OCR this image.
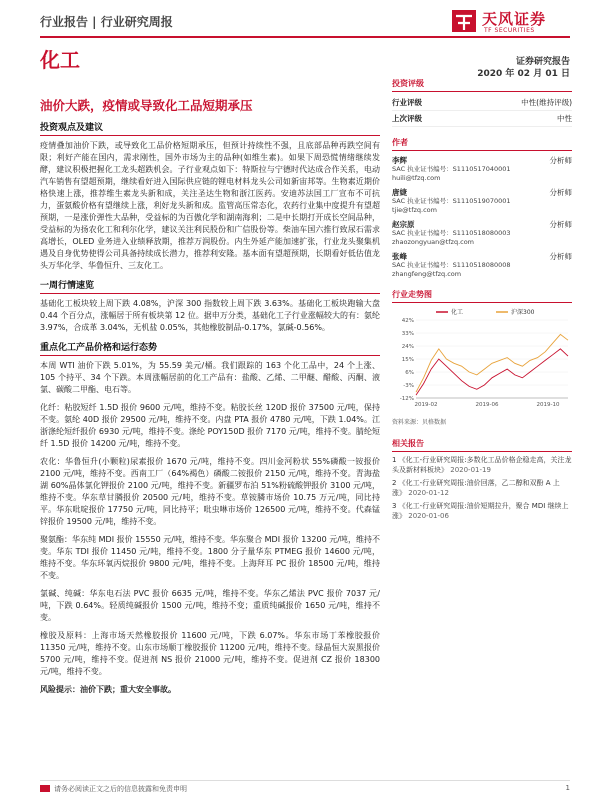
行业报告 | 行业研究周报	天风证券
TF SECURITIES
化工	证券研究报告
2020 年 02 月 01 日
油价大跌，疫情或导致化工品短期承压
投资观点及建议
疫情叠加油价下跌，或导致化工品价格短期承压，但预计持续性不强，且底部品种再跌空间有限；利好产能在国内，需求刚性，国外市场为主的品种(如维生素)。如果下周恐慌情绪继续发酵，建议积极把握化工龙头超跌机会。子行业观点如下：特斯拉与宁德时代达成合作关系，电动汽车销售有望超预期，继续看好进入国际供应链的锂电材料龙头公司如新宙邦等。生物素近期价格快速上涨，推荐维生素龙头新和成，关注圣达生物和浙江医药。安迪苏法国工厂宣布不可抗力，蛋氨酸价格有望继续上涨，利好龙头新和成。监管高压常态化，农药行业集中度提升有望超预期，一是涨价弹性大品种，受益标的为百傲化学和湖南海利；二是中长期打开成长空间品种，受益标的为扬农化工和利尔化学，建议关注利民股份和广信股份等。柴油车国六推行致尿石需求高增长，OLED 业务进入业绩释放期，推荐万润股份。内生外延产能加速扩张，行业龙头聚集机遇及自身优势使得公司具备持续成长潜力，推荐利安隆。基本面有望超预期，长期看好低估值龙头万华化学、华鲁恒升、三友化工。
一周行情速览
基础化工板块较上周下跌 4.08%，沪深 300 指数较上周下跌 3.63%。基础化工板块跑输大盘 0.44 个百分点，涨幅居于所有板块第 12 位。据申万分类，基础化工子行业涨幅较大的有：氨纶 3.97%，合成革 3.04%，无机盐 0.05%，其他橡胶制品-0.17%，氯碱-0.56%。
重点化工产品价格和运行态势
本周 WTI 油价下跌 5.01%，为 55.59 美元/桶。我们跟踪的 163 个化工品中，24 个上涨、105 个持平、34 个下跌。本周涨幅居前的化工产品有：盐酸、乙烯、二甲醚、醋酸、丙酮、液氯、碳酸二甲酯、电石等。
化纤：粘胶短纤 1.5D 报价 9600 元/吨，维持不变。粘胶长丝 120D 报价 37500 元/吨，保持不变。氨纶 40D 报价 29500 元/吨，维持不变。内盘 PTA 报价 4780 元/吨，下跌 1.04%。江浙涤纶短纤报价 6930 元/吨，维持不变。涤纶 POY150D 报价 7170 元/吨，维持不变。腈纶短纤 1.5D 报价 14200 元/吨，维持不变。
农化：华鲁恒升(小颗粒)尿素报价 1670 元/吨，维持不变。四川金河粉状 55%磷酸一铵报价 2100 元/吨，维持不变。西南工厂（64%褐色）磷酸二铵报价 2150 元/吨，维持不变。青海盐湖 60%晶体氯化钾报价 2100 元/吨，维持不变。新疆罗布泊 51%粉硫酸钾报价 3100 元/吨，维持不变。华东草甘膦报价 20500 元/吨，维持不变。草铵膦市场价 10.75 万元/吨，同比持平。华东吡啶报价 17750 元/吨，同比持平；吡虫啉市场价 126500 元/吨，维持不变。代森锰锌报价 19500 元/吨，维持不变。
聚氨酯：华东纯 MDI 报价 15550 元/吨，维持不变。华东聚合 MDI 报价 13200 元/吨，维持不变。华东 TDI 报价 11450 元/吨，维持不变。1800 分子量华东 PTMEG 报价 14600 元/吨，维持不变。华东环氧丙烷报价 9800 元/吨，维持不变。上海拜耳 PC 报价 18500 元/吨，维持不变。
氯碱、纯碱：华东电石法 PVC 报价 6635 元/吨，维持不变。华东乙烯法 PVC 报价 7037 元/吨，下跌 0.64%。轻质纯碱报价 1500 元/吨，维持不变；重质纯碱报价 1650 元/吨，维持不变。
橡胶及原料：上海市场天然橡胶报价 11600 元/吨，下跌 6.07%。华东市场丁苯橡胶报价 11350 元/吨，维持不变。山东市场顺丁橡胶报价 11200 元/吨，维持不变。绿晶恒大炭黑报价 5700 元/吨，维持不变。促进剂 NS 报价 21000 元/吨，维持不变。促进剂 CZ 报价 18300 元/吨，维持不变。
风险提示：油价下跌；重大安全事故。
投资评级
行业评级	中性(维持评级)
上次评级	中性
作者
李辉	分析师
SAC 执业证书编号：S1110517040001
huili@tfzq.com
唐婕	分析师
SAC 执业证书编号：S1110519070001
tjie@tfzq.com
赵宗原	分析师
SAC 执业证书编号：S1110518080003
zhaozongyuan@tfzq.com
张峰	分析师
SAC 执业证书编号：S1110518080008
zhangfeng@tfzq.com
行业走势图
-12%
-3%
6%
15%
24%
33%
42%
2019-02	2019-06	2019-10
化工	沪深300
资料来源：贝格数据
相关报告
1 《化工-行业研究周报:多数化工品价格企稳走高，关注龙头及新材料板块》 2020-01-19
2 《化工-行业研究周报:油价回落，乙二醇和双酚 A 上涨》 2020-01-12
3 《化工-行业研究周报:油价短期拉升，聚合 MDI 继续上涨》 2020-01-06
请务必阅读正文之后的信息披露和免责申明	1
